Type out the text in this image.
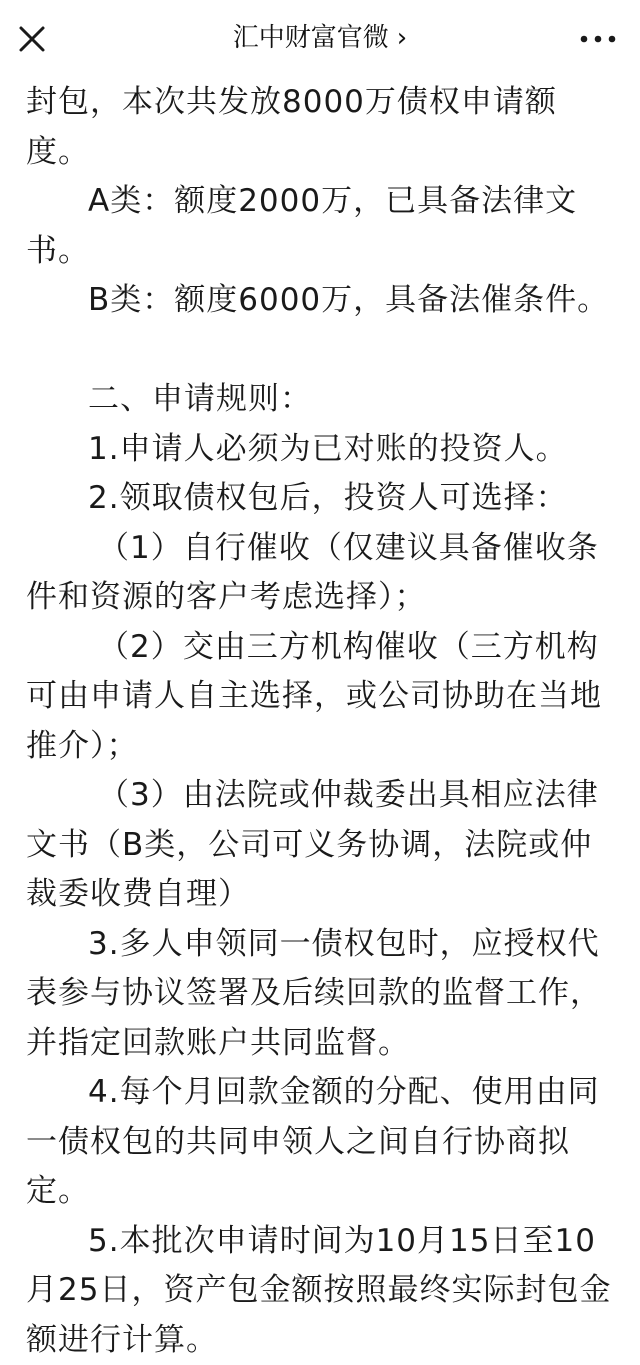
汇中财富官微 ›

封包，本次共发放8000万债权申请额度。

A类：额度2000万，已具备法律文书。

B类：额度6000万，具备法催条件。

二、申请规则：

1.申请人必须为已对账的投资人。

2.领取债权包后，投资人可选择：

（1）自行催收（仅建议具备催收条件和资源的客户考虑选择）；

（2）交由三方机构催收（三方机构可由申请人自主选择，或公司协助在当地推介）；

（3）由法院或仲裁委出具相应法律文书（B类，公司可义务协调，法院或仲裁委收费自理）

3.多人申领同一债权包时，应授权代表参与协议签署及后续回款的监督工作，并指定回款账户共同监督。

4.每个月回款金额的分配、使用由同一债权包的共同申领人之间自行协商拟定。

5.本批次申请时间为10月15日至10月25日，资产包金额按照最终实际封包金额进行计算。
